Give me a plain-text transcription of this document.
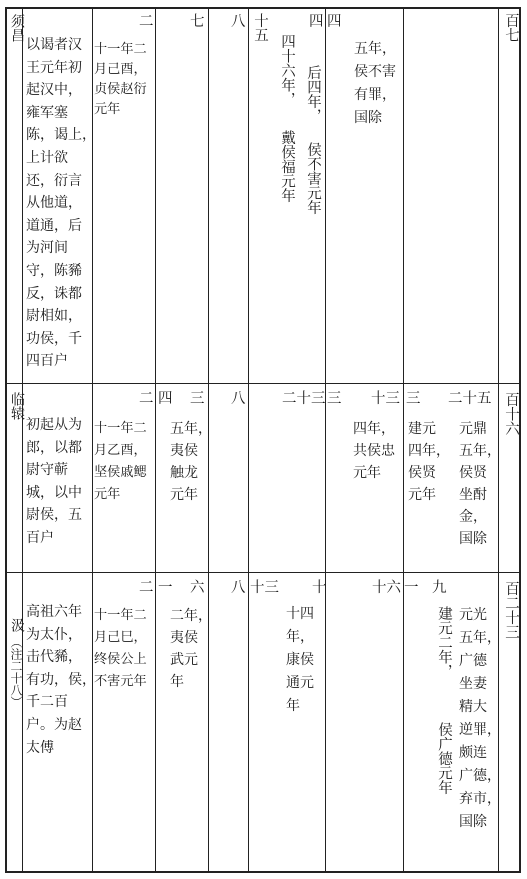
须昌
以谒者汉
王元年初
起汉中，
雍军塞
陈，谒上，
上计欲
还，衍言
从他道，
道通，后
为河间
守，陈豨
反，诛都
尉相如，
功侯，千
四百户
二
十一年二
月己酉，
贞侯赵衍
元年
七 八 十五	四
四十六年，
戴侯福元年
后四年，
侯不害元年
四
五年，
侯不害
有罪，
国除
百七
临辕
初起从为
郎，以都
尉守蕲
城，以中
尉侯，五
百户
二
十一年二
月乙酉，
坚侯戚鳃
元年
四 三
五年，
夷侯
触龙
元年
八	二十三 三 十三
四年，
共侯忠
元年
三
建元
四年，
侯贤
元年
二十五
元鼎
五年，
侯贤
坐酎
金，
国除
百十六
汲
（注二十八）
高祖六年
为太仆，
击代豨，
有功，侯，
千二百
户。为赵
太傅
二
十一年二
月己巳，
终侯公上
不害元年
一 六
二年，
夷侯
武元
年
八 十三 十
十四
年，
康侯
通元
年
十六 一 九
建元二年，
侯广德元年
元光
五年，
广德
坐妻
精大
逆罪，
颇连
广德，
弃市，
国除
百二十三
